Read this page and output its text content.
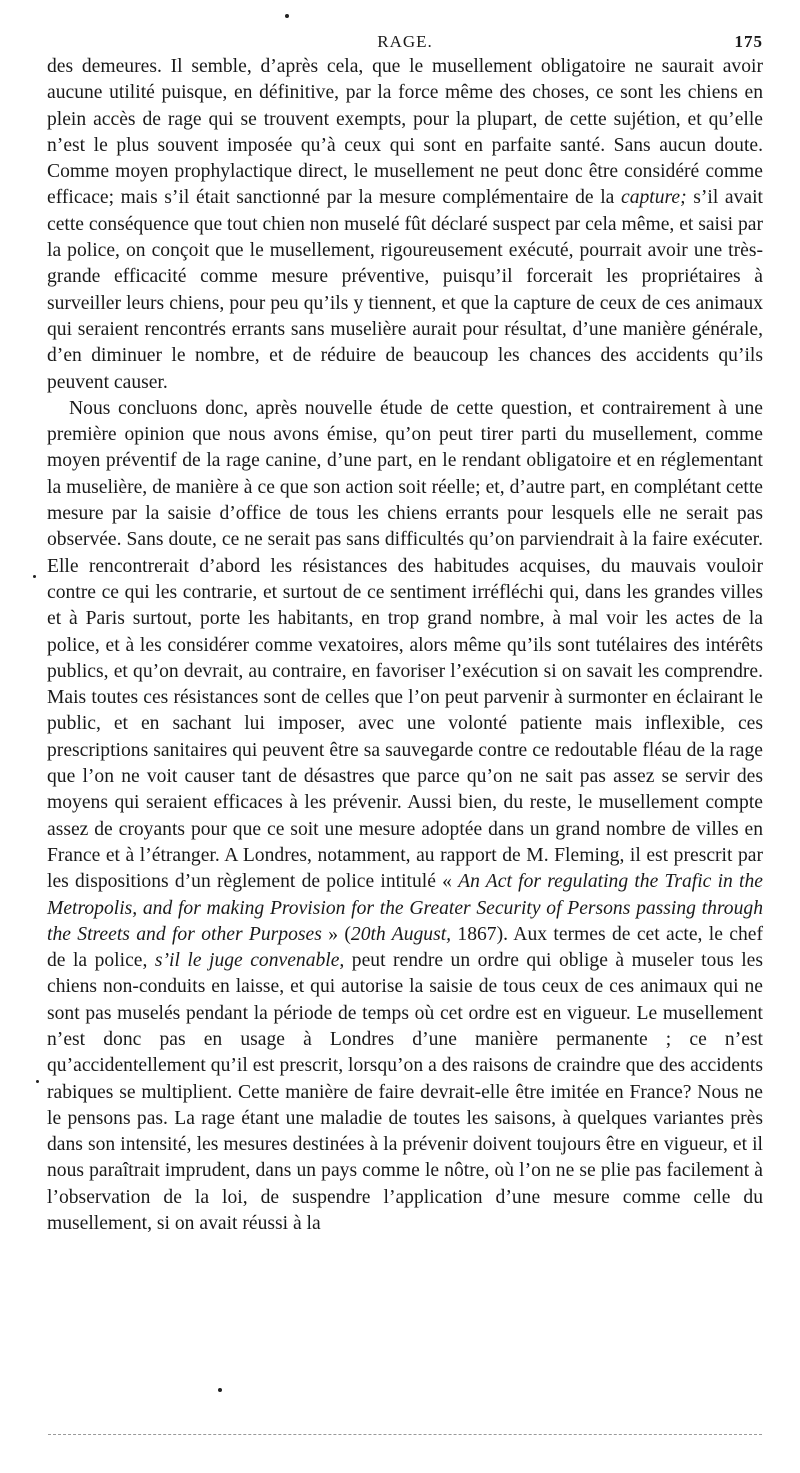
RAGE.	175

des demeures. Il semble, d’après cela, que le musellement obligatoire ne saurait avoir aucune utilité puisque, en définitive, par la force même des choses, ce sont les chiens en plein accès de rage qui se trouvent exempts, pour la plupart, de cette sujétion, et qu’elle n’est le plus souvent imposée qu’à ceux qui sont en parfaite santé. Sans aucun doute. Comme moyen prophylactique direct, le musellement ne peut donc être considéré comme efficace; mais s’il était sanctionné par la mesure complémentaire de la capture; s’il avait cette conséquence que tout chien non muselé fût déclaré suspect par cela même, et saisi par la police, on conçoit que le musellement, rigoureusement exécuté, pourrait avoir une très-grande efficacité comme mesure préventive, puisqu’il forcerait les propriétaires à surveiller leurs chiens, pour peu qu’ils y tiennent, et que la capture de ceux de ces animaux qui seraient rencontrés errants sans muselière aurait pour résultat, d’une manière générale, d’en diminuer le nombre, et de réduire de beaucoup les chances des accidents qu’ils peuvent causer.

Nous concluons donc, après nouvelle étude de cette question, et contrairement à une première opinion que nous avons émise, qu’on peut tirer parti du musellement, comme moyen préventif de la rage canine, d’une part, en le rendant obligatoire et en réglementant la muselière, de manière à ce que son action soit réelle; et, d’autre part, en complétant cette mesure par la saisie d’office de tous les chiens errants pour lesquels elle ne serait pas observée. Sans doute, ce ne serait pas sans difficultés qu’on parviendrait à la faire exécuter. Elle rencontrerait d’abord les résistances des habitudes acquises, du mauvais vouloir contre ce qui les contrarie, et surtout de ce sentiment irréfléchi qui, dans les grandes villes et à Paris surtout, porte les habitants, en trop grand nombre, à mal voir les actes de la police, et à les considérer comme vexatoires, alors même qu’ils sont tutélaires des intérêts publics, et qu’on devrait, au contraire, en favoriser l’exécution si on savait les comprendre. Mais toutes ces résistances sont de celles que l’on peut parvenir à surmonter en éclairant le public, et en sachant lui imposer, avec une volonté patiente mais inflexible, ces prescriptions sanitaires qui peuvent être sa sauvegarde contre ce redoutable fléau de la rage que l’on ne voit causer tant de désastres que parce qu’on ne sait pas assez se servir des moyens qui seraient efficaces à les prévenir. Aussi bien, du reste, le musellement compte assez de croyants pour que ce soit une mesure adoptée dans un grand nombre de villes en France et à l’étranger. A Londres, notamment, au rapport de M. Fleming, il est prescrit par les dispositions d’un règlement de police intitulé « An Act for regulating the Trafic in the Metropolis, and for making Provision for the Greater Security of Persons passing through the Streets and for other Purposes » (20th August, 1867). Aux termes de cet acte, le chef de la police, s’il le juge convenable, peut rendre un ordre qui oblige à museler tous les chiens non-conduits en laisse, et qui autorise la saisie de tous ceux de ces animaux qui ne sont pas muselés pendant la période de temps où cet ordre est en vigueur. Le musellement n’est donc pas en usage à Londres d’une manière permanente ; ce n’est qu’accidentellement qu’il est prescrit, lorsqu’on a des raisons de craindre que des accidents rabiques se multiplient. Cette manière de faire devrait-elle être imitée en France? Nous ne le pensons pas. La rage étant une maladie de toutes les saisons, à quelques variantes près dans son intensité, les mesures destinées à la prévenir doivent toujours être en vigueur, et il nous paraîtrait imprudent, dans un pays comme le nôtre, où l’on ne se plie pas facilement à l’observation de la loi, de suspendre l’application d’une mesure comme celle du musellement, si on avait réussi à la
